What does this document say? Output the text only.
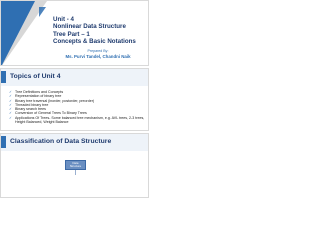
Unit - 4
Nonlinear Data Structure
Tree Part – 1
Concepts & Basic Notations
Prepared By:
Ms. Purvi Tandel, Chandni Naik
Topics of Unit 4
✓ Tree Definitions and Concepts
✓ Representation of binary tree
✓ Binary tree traversal (inorder, postorder, preorder)
✓ Threaded binary tree
✓ Binary search trees
✓ Conversion of General Trees To Binary Trees
✓ Applications Of Trees- Some balanced tree mechanism, e.g. AVL trees, 2-3 trees, Height Balanced, Weight Balance
Classification of Data Structure
Data
Structure
